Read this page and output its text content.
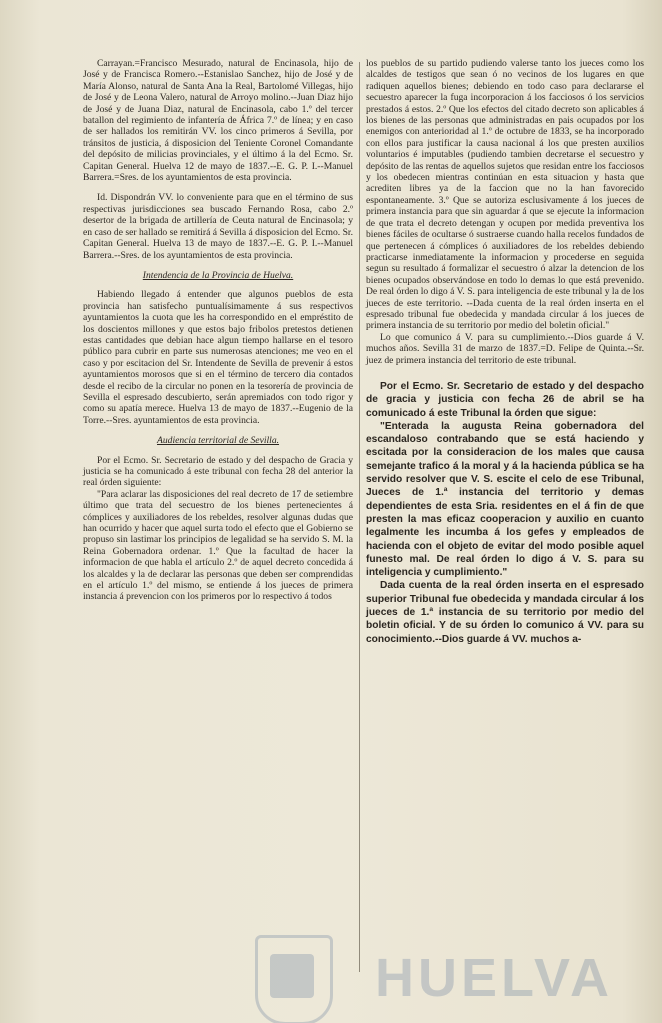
Carrayan.=Francisco Mesurado, natural de Encinasola, hijo de José y de Francisca Romero.--Estanislao Sanchez, hijo de José y de María Alonso, natural de Santa Ana la Real, Bartolomé Villegas, hijo de José y de Leona Valero, natural de Arroyo molino.--Juan Diaz hijo de José y de Juana Diaz, natural de Encinasola, cabo 1.º del tercer batallon del regimiento de infantería de África 7.º de línea; y en caso de ser hallados los remitirán VV. los cinco primeros á Sevilla, por tránsitos de justicia, á disposicion del Teniente Coronel Comandante del depósito de milicias provinciales, y el último á la del Ecmo. Sr. Capitan General. Huelva 12 de mayo de 1837.--E. G. P. I.--Manuel Barrera.=Sres. de los ayuntamientos de esta provincia.

Id. Dispondrán VV. lo conveniente para que en el término de sus respectivas jurisdicciones sea buscado Fernando Rosa, cabo 2.º desertor de la brigada de artillería de Ceuta natural de Encinasola; y en caso de ser hallado se remitirá á Sevilla á disposicion del Ecmo. Sr. Capitan General. Huelva 13 de mayo de 1837.--E. G. P. I.--Manuel Barrera.--Sres. de los ayuntamientos de esta provincia.

Intendencia de la Provincia de Huelva.

Habiendo llegado á entender que algunos pueblos de esta provincia han satisfecho puntualísimamente á sus respectivos ayuntamientos la cuota que les ha correspondido en el empréstito de los doscientos millones y que estos bajo fribolos pretestos detienen estas cantidades que debian hace algun tiempo hallarse en el tesoro público para cubrir en parte sus numerosas atenciones; me veo en el caso y por escitacion del Sr. Intendente de Sevilla de prevenir á estos ayuntamientos morosos que si en el término de tercero dia contados desde el recibo de la circular no ponen en la tesorería de provincia de Sevilla el espresado descubierto, serán apremiados con todo rigor y como su apatía merece. Huelva 13 de mayo de 1837.--Eugenio de la Torre.--Sres. ayuntamientos de esta provincia.

Audiencia territorial de Sevilla.

Por el Ecmo. Sr. Secretario de estado y del despacho de Gracia y justicia se ha comunicado á este tribunal con fecha 28 del anterior la real órden siguiente:

"Para aclarar las disposiciones del real decreto de 17 de setiembre último que trata del secuestro de los bienes pertenecientes á cómplices y auxiliadores de los rebeldes, resolver algunas dudas que han ocurrido y hacer que aquel surta todo el efecto que el Gobierno se propuso sin lastimar los principios de legalidad se ha servido S. M. la Reina Gobernadora ordenar. 1.º Que la facultad de hacer la informacion de que habla el artículo 2.º de aquel decreto concedida á los alcaldes y la de declarar las personas que deben ser comprendidas en el artículo 1.º del mismo, se entiende á los jueces de primera instancia á prevencion con los primeros por lo respectivo á todos

los pueblos de su partido pudiendo valerse tanto los jueces como los alcaldes de testigos que sean ó no vecinos de los lugares en que radiquen aquellos bienes; debiendo en todo caso para declararse el secuestro aparecer la fuga incorporacion á los facciosos ó los servicios prestados á estos. 2.º Que los efectos del citado decreto son aplicables á los bienes de las personas que administradas en pais ocupados por los enemigos con anterioridad al 1.º de octubre de 1833, se ha incorporado con ellos para justificar la causa nacional á los que presten auxilios voluntarios é imputables (pudiendo tambien decretarse el secuestro y depósito de las rentas de aquellos sujetos que residan entre los facciosos y los obedecen mientras continúan en esta situacion y hasta que acrediten libres ya de la faccion que no la han favorecido espontaneamente. 3.º Que se autoriza esclusivamente á los jueces de primera instancia para que sin aguardar á que se ejecute la informacion de que trata el decreto detengan y ocupen por medida preventiva los bienes fáciles de ocultarse ó sustraerse cuando halla recelos fundados de que pertenecen á cómplices ó auxiliadores de los rebeldes debiendo practicarse inmediatamente la informacion y procederse en seguida segun su resultado á formalizar el secuestro ó alzar la detencion de los bienes ocupados observándose en todo lo demas lo que está prevenido. De real órden lo digo á V. S. para inteligencia de este tribunal y la de los jueces de este territorio. --Dada cuenta de la real órden inserta en el espresado tribunal fue obedecida y mandada circular á los jueces de primera instancia de su territorio por medio del boletin oficial."

Lo que comunico á V. para su cumplimiento.--Dios guarde á V. muchos años. Sevilla 31 de marzo de 1837.=D. Felipe de Quinta.--Sr. juez de primera instancia del territorio de este tribunal.

Por el Ecmo. Sr. Secretario de estado y del despacho de gracia y justicia con fecha 26 de abril se ha comunicado á este Tribunal la órden que sigue:

"Enterada la augusta Reina gobernadora del escandaloso contrabando que se está haciendo y escitada por la consideracion de los males que causa semejante trafico á la moral y á la hacienda pública se ha servido resolver que V. S. escite el celo de ese Tribunal, Jueces de 1.ª instancia del territorio y demas dependientes de esta Sria. residentes en el á fin de que presten la mas eficaz cooperacion y auxilio en cuanto legalmente les incumba á los gefes y empleados de hacienda con el objeto de evitar del modo posible aquel funesto mal. De real órden lo digo á V. S. para su inteligencia y cumplimiento."

Dada cuenta de la real órden inserta en el espresado superior Tribunal fue obedecida y mandada circular á los jueces de 1.ª instancia de su territorio por medio del boletin oficial. Y de su órden lo comunico á VV. para su conocimiento.--Dios guarde á VV. muchos a-

HUELVA
